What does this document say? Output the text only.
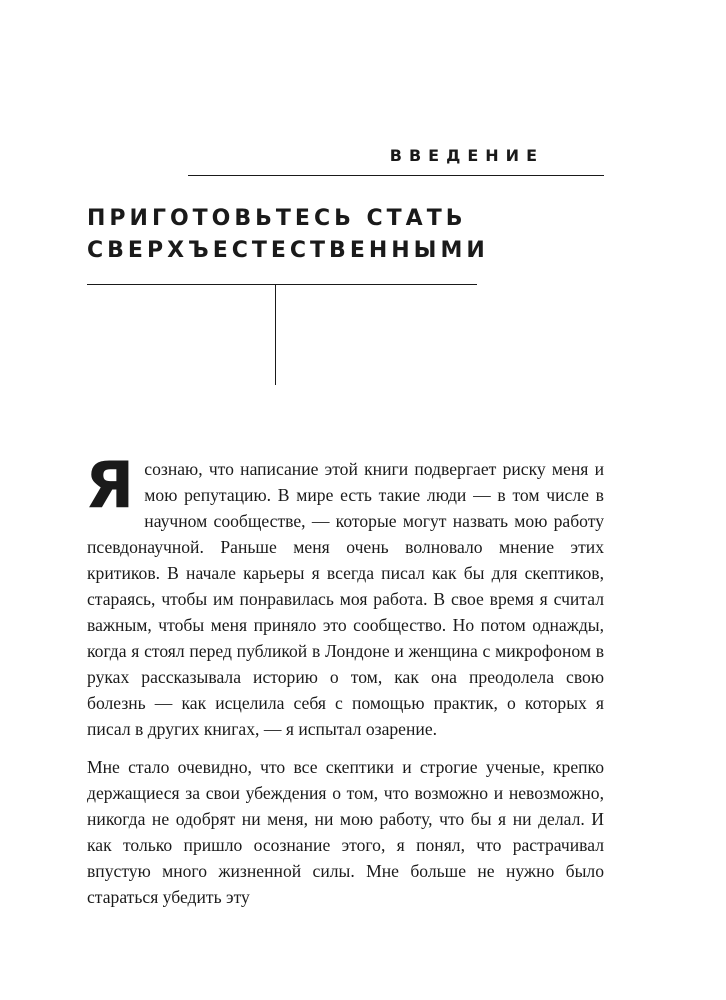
ВВЕДЕНИЕ
ПРИГОТОВЬТЕСЬ СТАТЬ
СВЕРХЪЕСТЕСТВЕННЫМИ

Ясознаю, что написание этой книги подвергает риску меня и мою репутацию. В мире есть такие люди — в том числе в научном сообществе, — которые могут назвать мою работу псевдонаучной. Раньше меня очень волновало мнение этих критиков. В начале карьеры я всегда писал как бы для скептиков, стараясь, чтобы им понравилась моя работа. В свое время я считал важным, чтобы меня приняло это сообщество. Но потом однажды, когда я стоял перед публикой в Лондоне и женщина с микрофоном в руках рассказывала историю о том, как она преодолела свою болезнь — как исцелила себя с помощью практик, о которых я писал в других книгах, — я испытал озарение.

Мне стало очевидно, что все скептики и строгие ученые, крепко держащиеся за свои убеждения о том, что возможно и невозможно, никогда не одобрят ни меня, ни мою работу, что бы я ни делал. И как только пришло осознание этого, я понял, что растрачивал впустую много жизненной силы. Мне больше не нужно было стараться убедить эту
